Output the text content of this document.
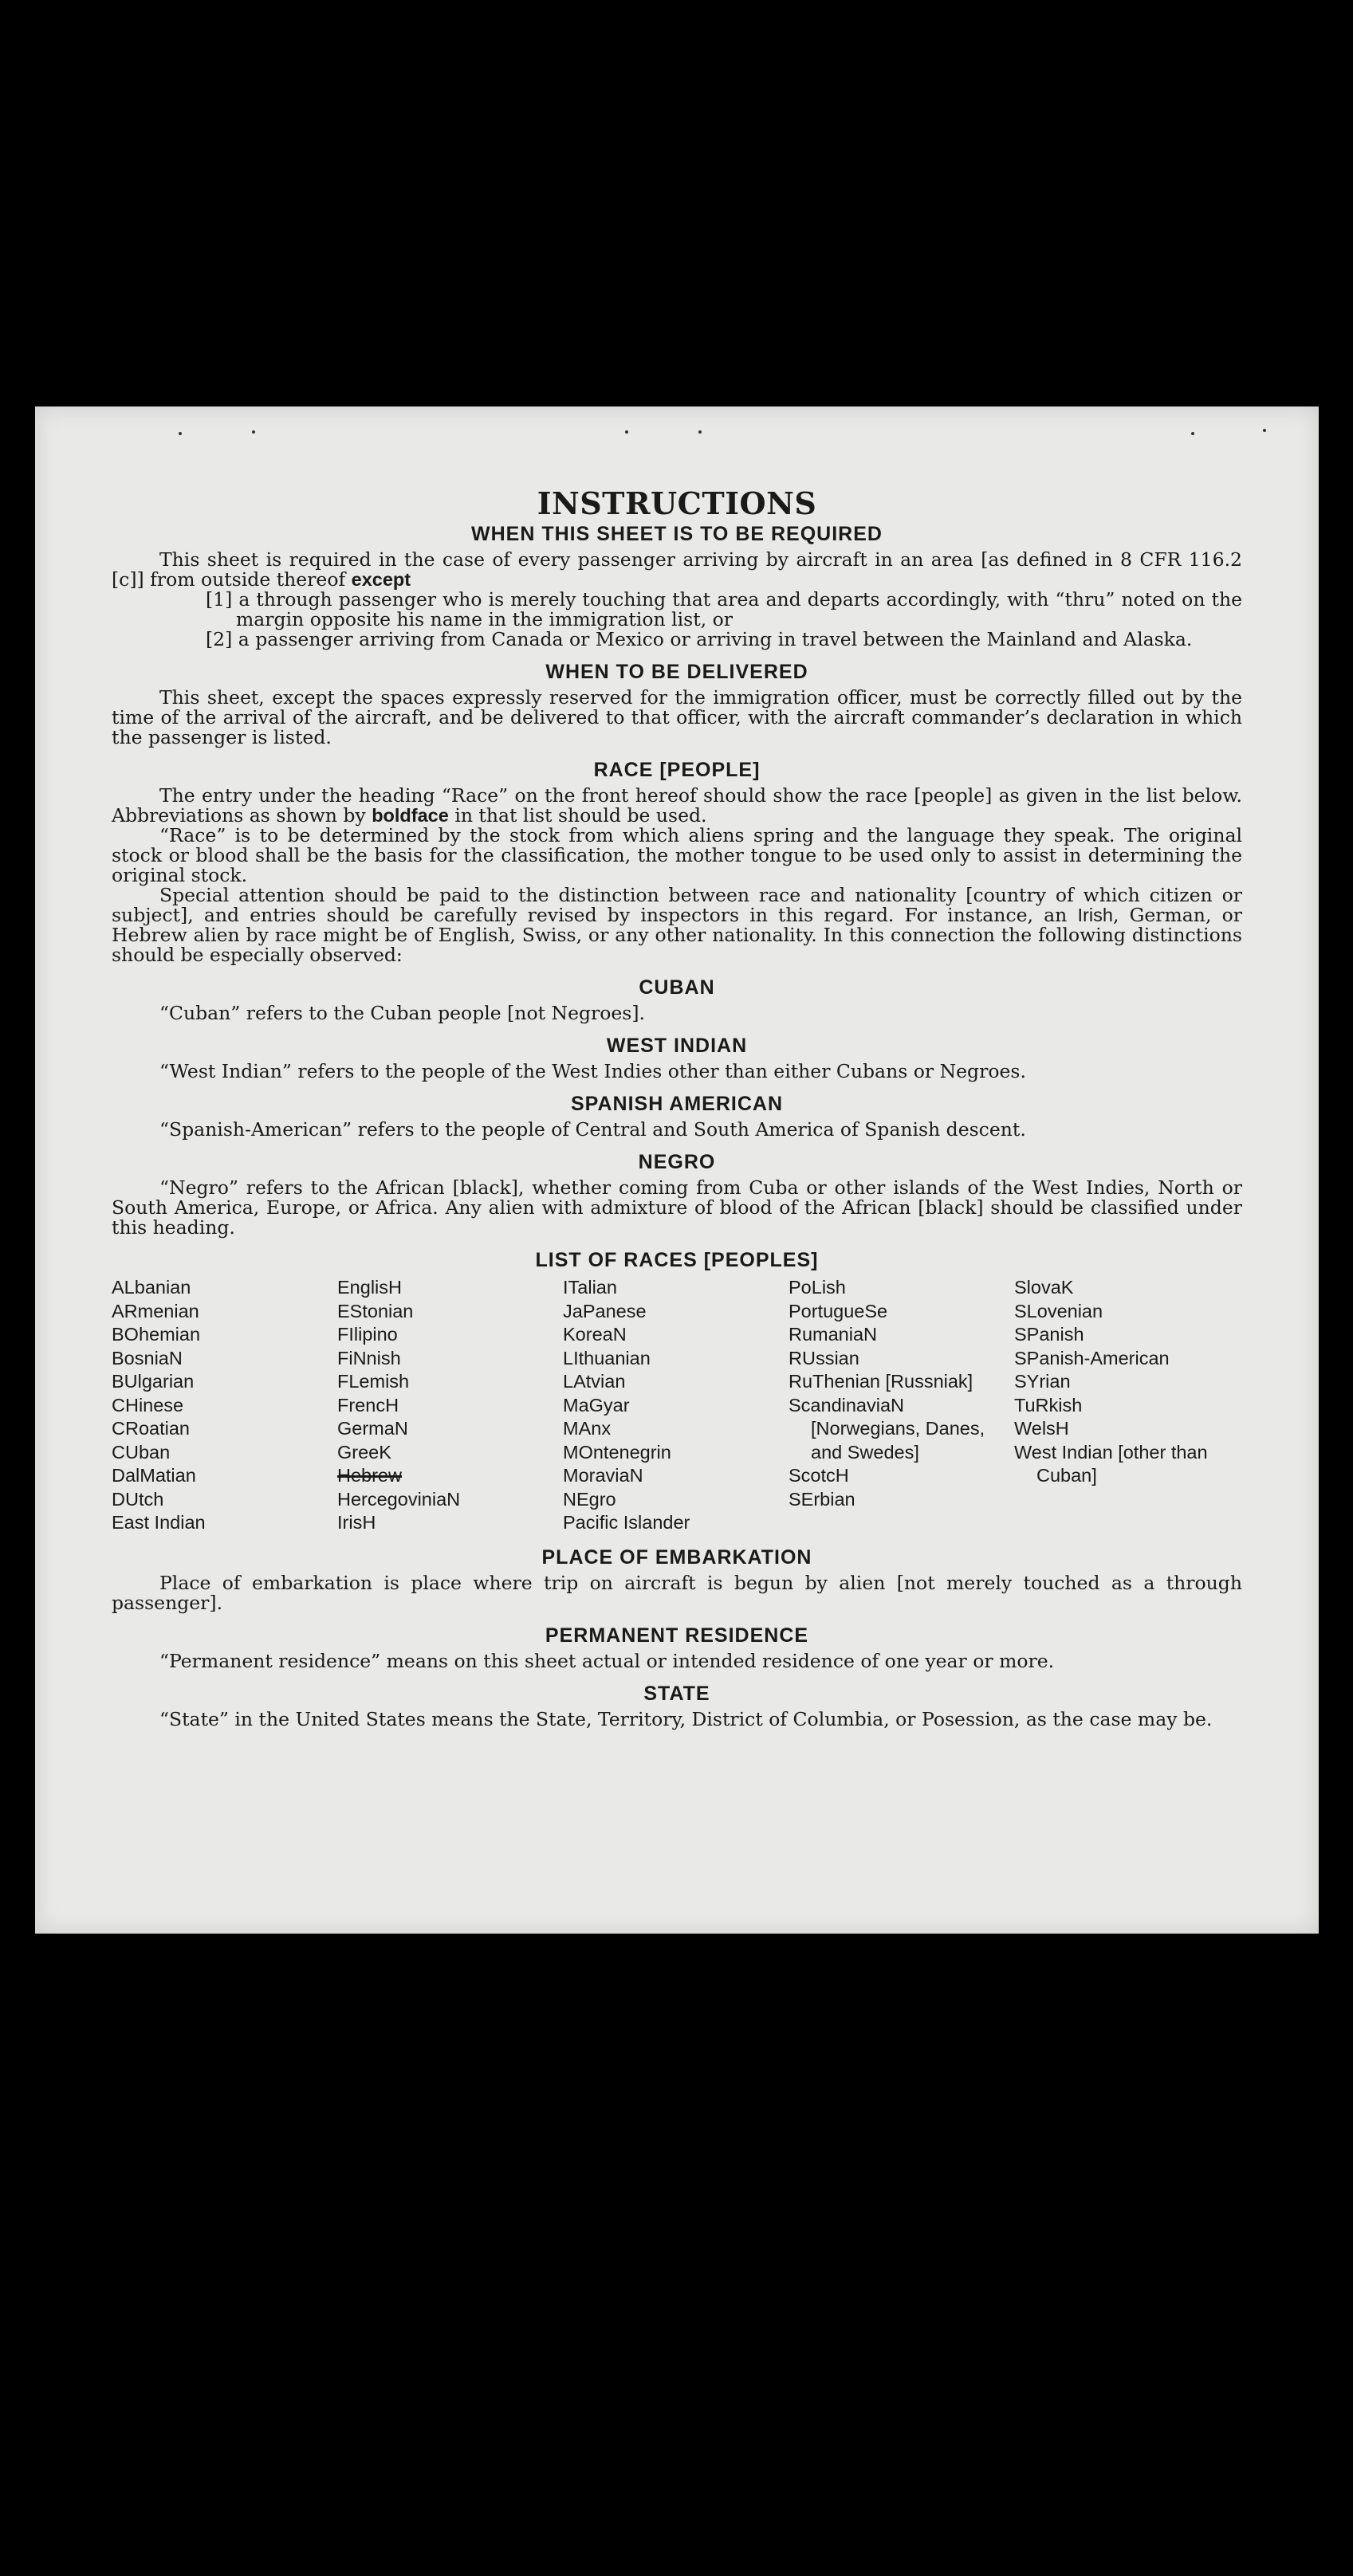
INSTRUCTIONS
WHEN THIS SHEET IS TO BE REQUIRED

This sheet is required in the case of every passenger arriving by aircraft in an area [as defined in 8 CFR 116.2 [c]] from outside thereof except

[1] a through passenger who is merely touching that area and departs accordingly, with “thru” noted on the margin opposite his name in the immigration list, or
[2] a passenger arriving from Canada or Mexico or arriving in travel between the Mainland and Alaska.
WHEN TO BE DELIVERED

This sheet, except the spaces expressly reserved for the immigration officer, must be correctly filled out by the time of the arrival of the aircraft, and be delivered to that officer, with the aircraft commander’s declaration in which the passenger is listed.

RACE [PEOPLE]

The entry under the heading “Race” on the front hereof should show the race [people] as given in the list below. Abbreviations as shown by boldface in that list should be used.

“Race” is to be determined by the stock from which aliens spring and the language they speak. The original stock or blood shall be the basis for the classification, the mother tongue to be used only to assist in determining the original stock.

Special attention should be paid to the distinction between race and nationality [country of which citizen or subject], and entries should be carefully revised by inspectors in this regard. For instance, an Irish, German, or Hebrew alien by race might be of English, Swiss, or any other nationality. In this connection the following distinctions should be especially observed:

CUBAN

“Cuban” refers to the Cuban people [not Negroes].

WEST INDIAN

“West Indian” refers to the people of the West Indies other than either Cubans or Negroes.

SPANISH AMERICAN

“Spanish-American” refers to the people of Central and South America of Spanish descent.

NEGRO

“Negro” refers to the African [black], whether coming from Cuba or other islands of the West Indies, North or South America, Europe, or Africa. Any alien with admixture of blood of the African [black] should be classified under this heading.

LIST OF RACES [PEOPLES]
ALbanian
ARmenian
BOhemian
BosniaN
BUlgarian
CHinese
CRoatian
CUban
DalMatian
DUtch
East Indian
EnglisH
EStonian
FIlipino
FiNnish
FLemish
FrencH
GermaN
GreeK
Hebrew
HercegoviniaN
IrisH
ITalian
JaPanese
KoreaN
LIthuanian
LAtvian
MaGyar
MAnx
MOntenegrin
MoraviaN
NEgro
Pacific Islander
PoLish
PortugueSe
RumaniaN
RUssian
RuThenian [Russniak]
ScandinaviaN [Norwegians, Danes, and Swedes]
ScotcH
SErbian
SlovaK
SLovenian
SPanish
SPanish-American
SYrian
TuRkish
WelsH
West Indian [other than Cuban]
PLACE OF EMBARKATION

Place of embarkation is place where trip on aircraft is begun by alien [not merely touched as a through passenger].

PERMANENT RESIDENCE

“Permanent residence” means on this sheet actual or intended residence of one year or more.

STATE

“State” in the United States means the State, Territory, District of Columbia, or Posession, as the case may be.
